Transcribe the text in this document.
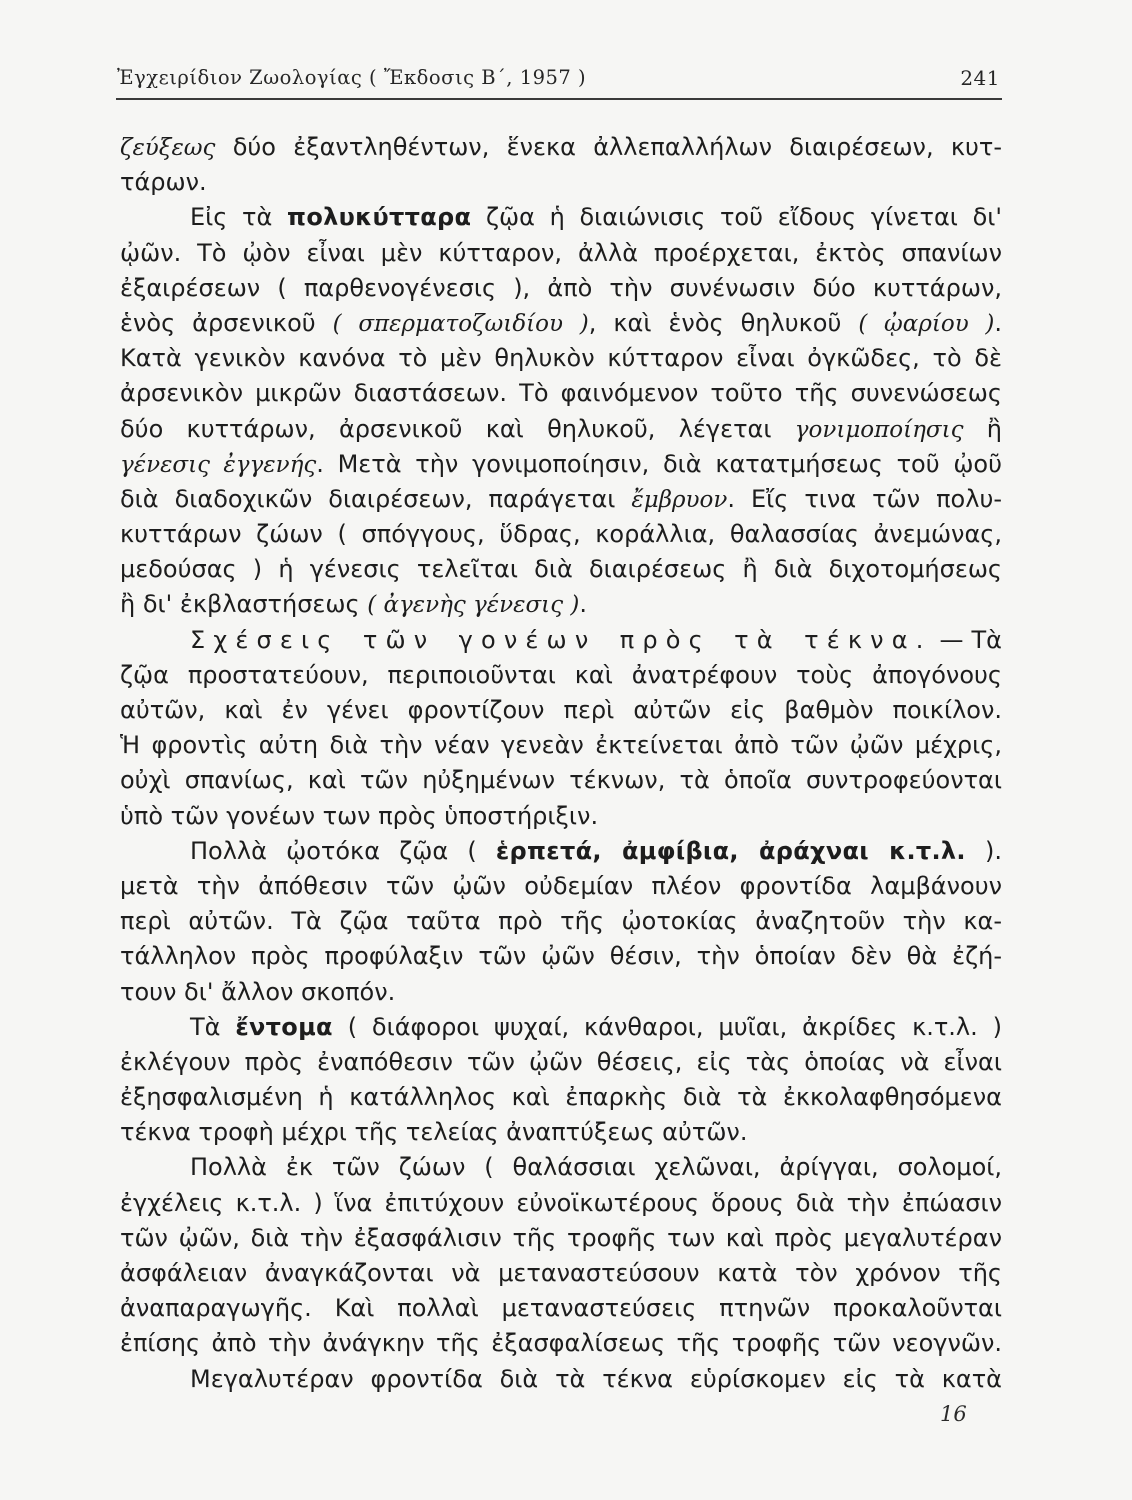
Ἐγχειρίδιον Ζωολογίας ( Ἔκδοσις Β΄, 1957 )	241
ζεύξεως δύο ἐξαντληθέντων, ἕνεκα ἀλλεπαλλήλων διαιρέσεων, κυτ-
τάρων.
Εἰς τὰ πολυκύτταρα ζῷα ἡ διαιώνισις τοῦ εἴδους γίνεται δι'
ᾠῶν. Τὸ ᾠὸν εἶναι μὲν κύτταρον, ἀλλὰ προέρχεται, ἐκτὸς σπανίων
ἐξαιρέσεων ( παρθενογένεσις ), ἀπὸ τὴν συνένωσιν δύο κυττάρων,
ἑνὸς ἀρσενικοῦ ( σπερματοζωιδίου ), καὶ ἑνὸς θηλυκοῦ ( ᾠαρίου ).
Κατὰ γενικὸν κανόνα τὸ μὲν θηλυκὸν κύτταρον εἶναι ὀγκῶδες, τὸ δὲ
ἀρσενικὸν μικρῶν διαστάσεων. Τὸ φαινόμενον τοῦτο τῆς συνενώσεως
δύο κυττάρων, ἀρσενικοῦ καὶ θηλυκοῦ, λέγεται γονιμοποίησις ἢ
γένεσις ἐγγενής. Μετὰ τὴν γονιμοποίησιν, διὰ κατατμήσεως τοῦ ᾠοῦ
διὰ διαδοχικῶν διαιρέσεων, παράγεται ἔμβρυον. Εἴς τινα τῶν πολυ-
κυττάρων ζώων ( σπόγγους, ὕδρας, κοράλλια, θαλασσίας ἀνεμώνας,
μεδούσας ) ἡ γένεσις τελεῖται διὰ διαιρέσεως ἢ διὰ διχοτομήσεως
ἢ δι' ἐκβλαστήσεως ( ἀγενὴς γένεσις ).
Σχέσεις τῶν γονέων πρὸς τὰ τέκνα. — Τὰ
ζῷα προστατεύουν, περιποιοῦνται καὶ ἀνατρέφουν τοὺς ἀπογόνους
αὐτῶν, καὶ ἐν γένει φροντίζουν περὶ αὐτῶν εἰς βαθμὸν ποικίλον.
Ἡ φροντὶς αὐτη διὰ τὴν νέαν γενεὰν ἐκτείνεται ἀπὸ τῶν ᾠῶν μέχρις,
οὐχὶ σπανίως, καὶ τῶν ηὐξημένων τέκνων, τὰ ὁποῖα συντροφεύονται
ὑπὸ τῶν γονέων των πρὸς ὑποστήριξιν.
Πολλὰ ᾠοτόκα ζῷα ( ἑρπετά, ἀμφίβια, ἀράχναι κ.τ.λ. ).
μετὰ τὴν ἀπόθεσιν τῶν ᾠῶν οὐδεμίαν πλέον φροντίδα λαμβάνουν
περὶ αὐτῶν. Τὰ ζῷα ταῦτα πρὸ τῆς ᾠοτοκίας ἀναζητοῦν τὴν κα-
τάλληλον πρὸς προφύλαξιν τῶν ᾠῶν θέσιν, τὴν ὁποίαν δὲν θὰ ἐζή-
τουν δι' ἄλλον σκοπόν.
Τὰ ἔντομα ( διάφοροι ψυχαί, κάνθαροι, μυῖαι, ἀκρίδες κ.τ.λ. )
ἐκλέγουν πρὸς ἐναπόθεσιν τῶν ᾠῶν θέσεις, εἰς τὰς ὁποίας νὰ εἶναι
ἐξησφαλισμένη ἡ κατάλληλος καὶ ἐπαρκὴς διὰ τὰ ἐκκολαφθησόμενα
τέκνα τροφὴ μέχρι τῆς τελείας ἀναπτύξεως αὐτῶν.
Πολλὰ ἐκ τῶν ζώων ( θαλάσσιαι χελῶναι, ἀρίγγαι, σολομοί,
ἐγχέλεις κ.τ.λ. ) ἵνα ἐπιτύχουν εὐνοϊκωτέρους ὅρους διὰ τὴν ἐπώασιν
τῶν ᾠῶν, διὰ τὴν ἐξασφάλισιν τῆς τροφῆς των καὶ πρὸς μεγαλυτέραν
ἀσφάλειαν ἀναγκάζονται νὰ μεταναστεύσουν κατὰ τὸν χρόνον τῆς
ἀναπαραγωγῆς. Καὶ πολλαὶ μεταναστεύσεις πτηνῶν προκαλοῦνται
ἐπίσης ἀπὸ τὴν ἀνάγκην τῆς ἐξασφαλίσεως τῆς τροφῆς τῶν νεογνῶν.
Μεγαλυτέραν φροντίδα διὰ τὰ τέκνα εὑρίσκομεν εἰς τὰ κατὰ
16
